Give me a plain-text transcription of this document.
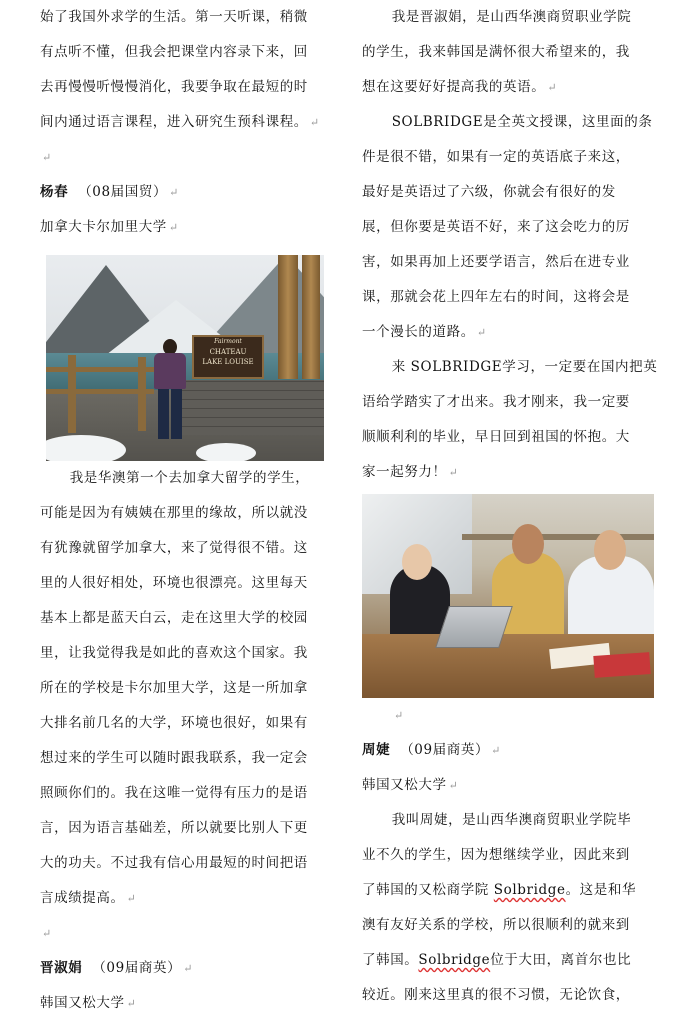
始了我国外求学的生活。第一天听课，稍微

有点听不懂，但我会把课堂内容录下来，回

去再慢慢听慢慢消化，我要争取在最短的时

间内通过语言课程，进入研究生预科课程。 ↵

↵

杨春 （08届国贸） ↵

加拿大卡尔加里大学 ↵

Fairmont
CHATEAU
LAKE LOUISE

我是华澳第一个去加拿大留学的学生，

可能是因为有姨姨在那里的缘故，所以就没

有犹豫就留学加拿大，来了觉得很不错。这

里的人很好相处，环境也很漂亮。这里每天

基本上都是蓝天白云，走在这里大学的校园

里，让我觉得我是如此的喜欢这个国家。我

所在的学校是卡尔加里大学，这是一所加拿

大排名前几名的大学，环境也很好，如果有

想过来的学生可以随时跟我联系，我一定会

照顾你们的。我在这唯一觉得有压力的是语

言，因为语言基础差，所以就要比别人下更

大的功夫。不过我有信心用最短的时间把语

言成绩提高。 ↵

↵

晋淑娟 （09届商英） ↵

韩国又松大学 ↵

我是晋淑娟，是山西华澳商贸职业学院

的学生，我来韩国是满怀很大希望来的，我

想在这要好好提高我的英语。 ↵

SOLBRIDGE是全英文授课，这里面的条

件是很不错，如果有一定的英语底子来这，

最好是英语过了六级，你就会有很好的发

展，但你要是英语不好，来了这会吃力的厉

害，如果再加上还要学语言，然后在进专业

课，那就会花上四年左右的时间，这将会是

一个漫长的道路。 ↵

来 SOLBRIDGE学习，一定要在国内把英

语给学踏实了才出来。我才刚来，我一定要

顺顺利利的毕业，早日回到祖国的怀抱。大

家一起努力！ ↵

↵

周婕 （09届商英） ↵

韩国又松大学 ↵

我叫周婕，是山西华澳商贸职业学院毕

业不久的学生，因为想继续学业，因此来到

了韩国的又松商学院 Solbridge。这是和华

澳有友好关系的学校，所以很顺利的就来到

了韩国。Solbridge位于大田，离首尔也比

较近。刚来这里真的很不习惯，无论饮食，
